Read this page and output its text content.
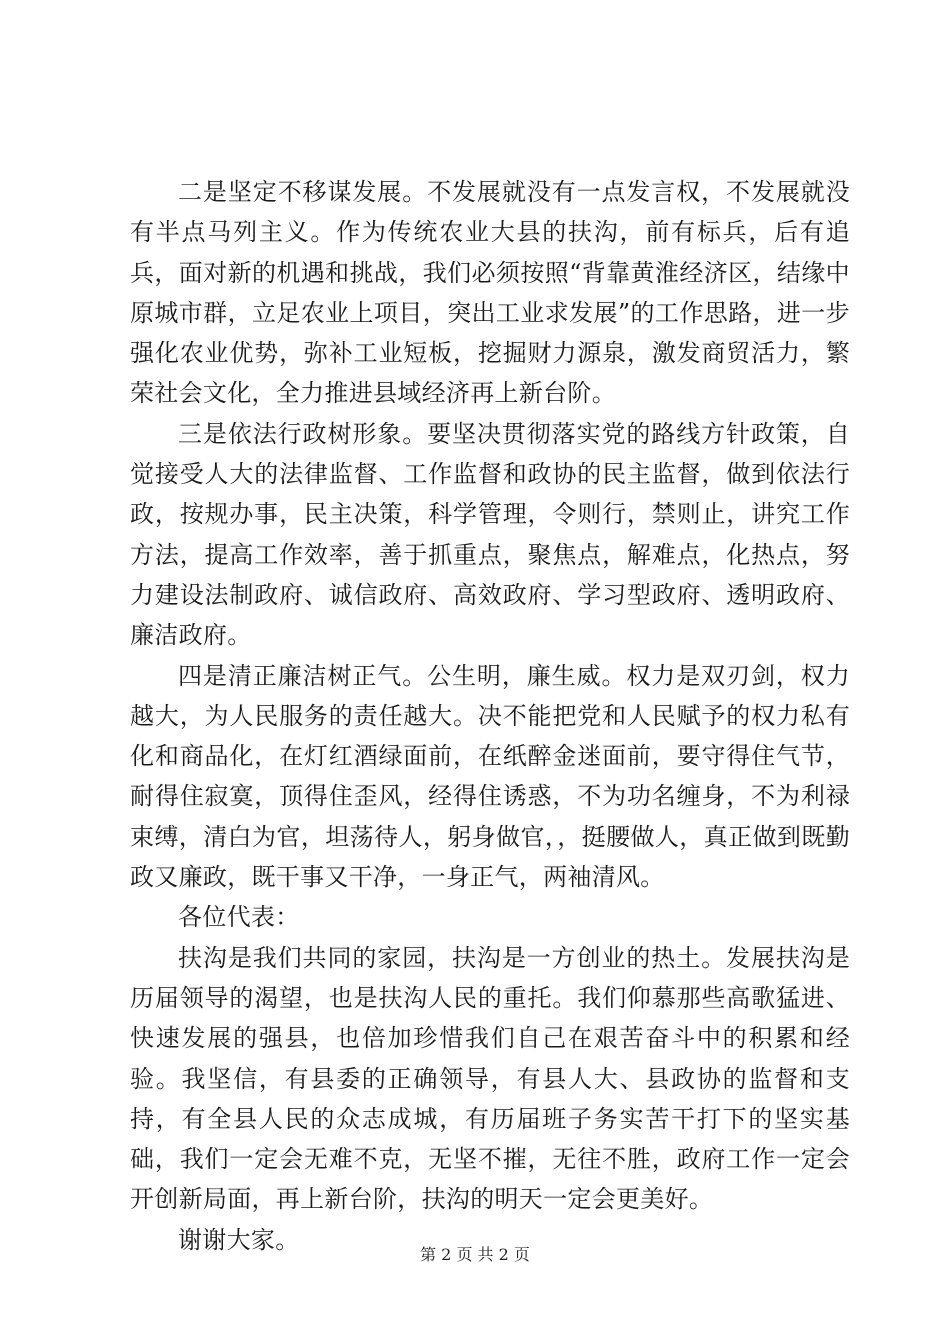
二是坚定不移谋发展。不发展就没有一点发言权，不发展就没有半点马列主义。作为传统农业大县的扶沟，前有标兵，后有追兵，面对新的机遇和挑战，我们必须按照“背靠黄淮经济区，结缘中原城市群，立足农业上项目，突出工业求发展”的工作思路，进一步强化农业优势，弥补工业短板，挖掘财力源泉，激发商贸活力，繁荣社会文化，全力推进县域经济再上新台阶。

三是依法行政树形象。要坚决贯彻落实党的路线方针政策，自觉接受人大的法律监督、工作监督和政协的民主监督，做到依法行政，按规办事，民主决策，科学管理，令则行，禁则止，讲究工作方法，提高工作效率，善于抓重点，聚焦点，解难点，化热点，努力建设法制政府、诚信政府、高效政府、学习型政府、透明政府、廉洁政府。

四是清正廉洁树正气。公生明，廉生威。权力是双刃剑，权力越大，为人民服务的责任越大。决不能把党和人民赋予的权力私有化和商品化，在灯红酒绿面前，在纸醉金迷面前，要守得住气节，耐得住寂寞，顶得住歪风，经得住诱惑，不为功名缠身，不为利禄束缚，清白为官，坦荡待人，躬身做官，，挺腰做人，真正做到既勤政又廉政，既干事又干净，一身正气，两袖清风。

各位代表：

扶沟是我们共同的家园，扶沟是一方创业的热土。发展扶沟是历届领导的渴望，也是扶沟人民的重托。我们仰慕那些高歌猛进、快速发展的强县，也倍加珍惜我们自己在艰苦奋斗中的积累和经验。我坚信，有县委的正确领导，有县人大、县政协的监督和支持，有全县人民的众志成城，有历届班子务实苦干打下的坚实基础，我们一定会无难不克，无坚不摧，无往不胜，政府工作一定会开创新局面，再上新台阶，扶沟的明天一定会更美好。

谢谢大家。

第 2 页 共 2 页
